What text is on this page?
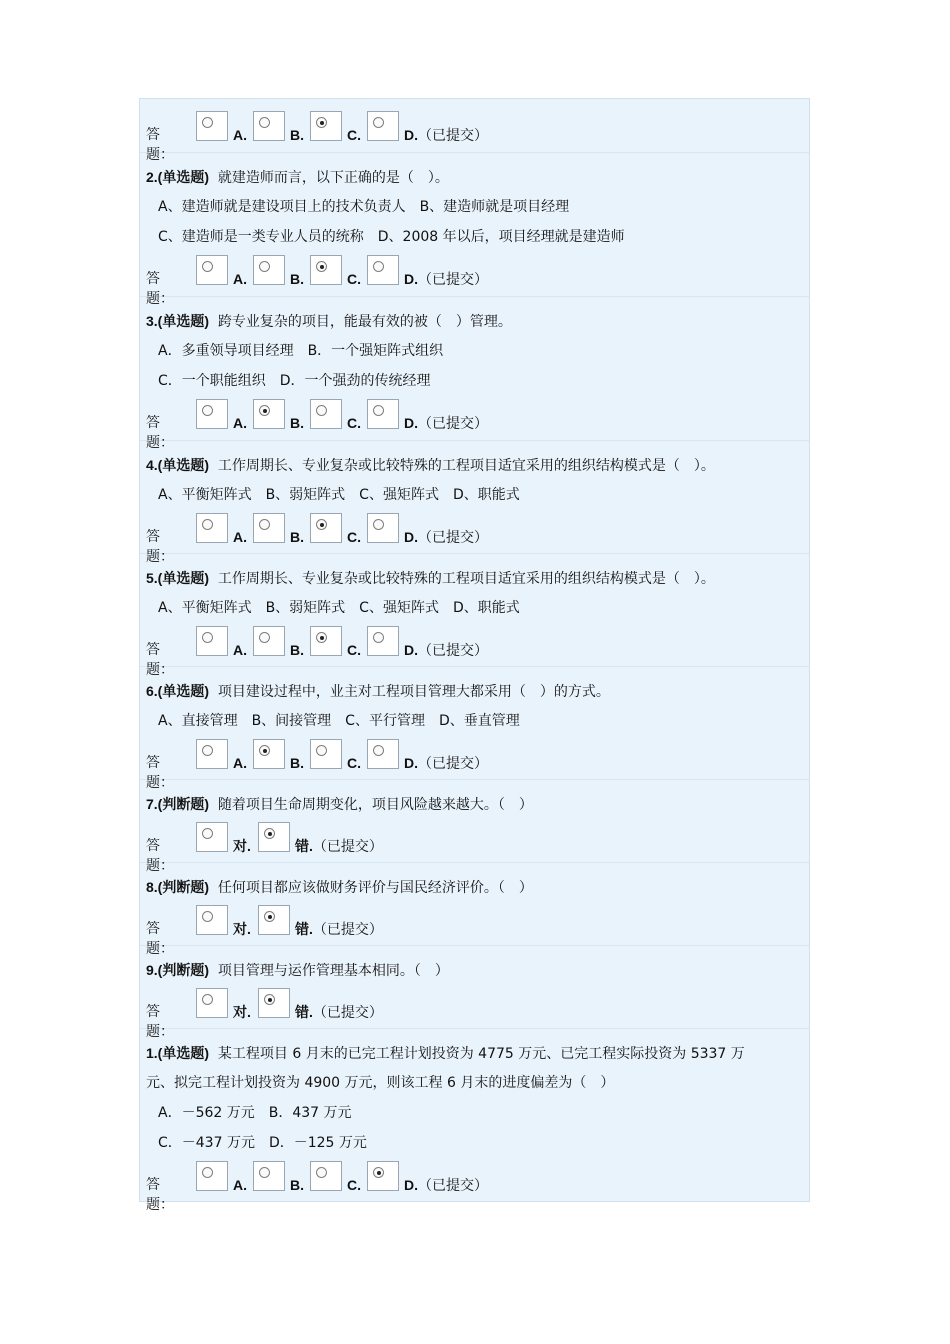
答题：
A.	B.	C.	D.（已提交）
2.(单选题) 就建造师而言，以下正确的是（　）。
A、建造师就是建设项目上的技术负责人　B、建造师就是项目经理
C、建造师是一类专业人员的统称　D、2008 年以后，项目经理就是建造师
答题：
A.	B.	C.	D.（已提交）
3.(单选题) 跨专业复杂的项目，能最有效的被（　）管理。
A．多重领导项目经理　B．一个强矩阵式组织
C．一个职能组织　D．一个强劲的传统经理
答题：
A.	B.	C.	D.（已提交）
4.(单选题) 工作周期长、专业复杂或比较特殊的工程项目适宜采用的组织结构模式是（　）。
A、平衡矩阵式　B、弱矩阵式　C、强矩阵式　D、职能式
答题：
A.	B.	C.	D.（已提交）
5.(单选题) 工作周期长、专业复杂或比较特殊的工程项目适宜采用的组织结构模式是（　）。
A、平衡矩阵式　B、弱矩阵式　C、强矩阵式　D、职能式
答题：
A.	B.	C.	D.（已提交）
6.(单选题) 项目建设过程中，业主对工程项目管理大都采用（　）的方式。
A、直接管理　B、间接管理　C、平行管理　D、垂直管理
答题：
A.	B.	C.	D.（已提交）
7.(判断题) 随着项目生命周期变化，项目风险越来越大。（　）
答题：
对.	错.（已提交）
8.(判断题) 任何项目都应该做财务评价与国民经济评价。（　）
答题：
对.	错.（已提交）
9.(判断题) 项目管理与运作管理基本相同。（　）
答题：
对.	错.（已提交）
1.(单选题) 某工程项目 6 月末的已完工程计划投资为 4775 万元、已完工程实际投资为 5337 万
元、拟完工程计划投资为 4900 万元，则该工程 6 月末的进度偏差为（　）
A．－562 万元　B．437 万元
C．－437 万元　D．－125 万元
答题：
A.	B.	C.	D.（已提交）
